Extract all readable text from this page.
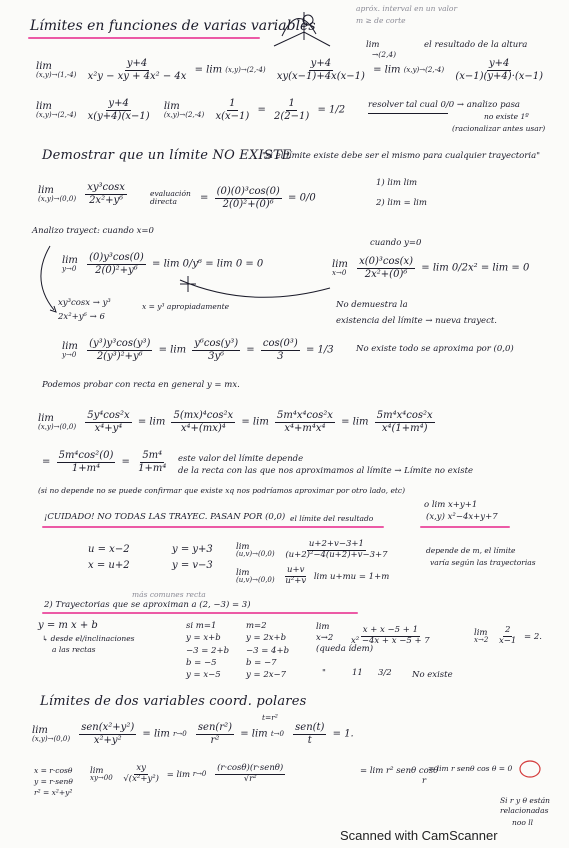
Límites en funciones de varias variables
apróx. interval en un valor
m ≥ de corte
lim
→(2,4)
el resultado de la altura
lim
(x,y)→(1,-4)
$\frac{y+4}{\text{x²y − xy + 4x² − 4x}} = \lim (x,y)\to(2,-4)$
$\frac{y+4}{xy(x-1)+4x(x-1)} = \lim (x,y)\to(2,-4)$
$\frac{y+4}{(x-1)(y+4)\cdot(x-1)}$
lim
(x,y)→(2,-4)
$\frac{y+4}{x(y+4)(x-1)}$
lim
(x,y)→(2,-4)
$\frac{1}{x(x-1)} = \frac{1}{2(2-1)} = 1/2$	resolver tal cual 0/0 → analizo pasa
no existe 1º
(racionalizar antes usar)
Demostrar que un límite NO EXISTE
"si el límite existe debe ser el mismo para cualquier trayectoria"
lim
(x,y)→(0,0)
$\frac{\text{xy³cosx}}{\text{2x²+y⁶}}$	evaluación directa	= $\frac{\text{(0)(0)³cos(0)}}{\text{2(0)²+(0)⁶}} = 0/0$
1) lim lim
2) lim = lim
Analizo trayect: cuando x=0
cuando y=0
lim
y→0
$\frac{\text{(0)y³cos(0)}}{\text{2(0)²+y⁶}} = \lim 0/y^6 = \lim 0 = 0$	lim
x→0
$\frac{\text{x(0)³cos(x)}}{\text{2x²+(0)⁶}} = \lim 0/2x^2 = \lim = 0$
xy³cosx → y³
2x²+y⁶ → 6
x = y³ apropiadamente	No demuestra la
existencia del límite → nueva trayect.
lim
y→0
$\frac{\text{(y³)y³cos(y³)}}{\text{2(y³)²+y⁶}} = \lim \frac{\text{y⁶cos(y³)}}{\text{3y⁶}} = \frac{\text{cos(0³)}}{3} = 1/3$	No existe todo se aproxima por (0,0)
Podemos probar con recta en general y = mx.
lim
(x,y)→(0,0)
$\frac{\text{5y⁴cos²x}}{\text{x⁴+y⁴}} = \lim \frac{\text{5(mx)⁴cos²x}}{\text{x⁴+(mx)⁴}} = \lim \frac{\text{5m⁴x⁴cos²x}}{\text{x⁴+m⁴x⁴}} = \lim \frac{\text{5m⁴x⁴cos²x}}{\text{x⁴(1+m⁴)}}$
= $\frac{\text{5m⁴cos²(0)}}{\text{1+m⁴}} = \frac{\text{5m⁴}}{\text{1+m⁴}}$ este valor del límite depende
de la recta con las que nos aproximamos al límite → Límite no existe
(si no depende no se puede confirmar que existe xq nos podríamos aproximar por otro lado, etc)
¡CUIDADO! NO TODAS LAS TRAYEC. PASAN POR (0,0) el límite del resultado
o lim x+y+1
(x,y) x²−4x+y+7
u = x−2	y = y+3
x = u+2	y = v−3
lim
(u,v)→(0,0)
$\frac{u+2+v-3+1}{\text{(u+2)²−4(u+2)+v−3+7}}$
lim
(u,v)→(0,0)
$\frac{u+v}{\text{u²+v}}$ lim u+mu = 1+m
depende de m, el límite
varía según las trayectorias
más comunes recta
2) Trayectorias que se aproximan a (2, −3) = 3)
y = m x + b
↳ desde el/inclinaciones
a las rectas
si m=1
y = x+b
−3 = 2+b
b = −5
y = x−5
m=2
y = 2x+b
−3 = 4+b
b = −7
y = 2x−7
lim
x→2
(queda ídem)
$\frac{x + x -5 + 1}{\text{x² −4x + x −5 + 7}}$	lim
x→2
$\frac{2}{x-1} = 2$.
"	11 3/2 No existe
Límites de dos variables coord. polares
lim
(x,y)→(0,0)
$\frac{\text{sen(x²+y²)}}{\text{x²+y²}} = \lim r\to 0$
$\frac{\text{sen(r²)}}{\text{r²}} = \lim t\to 0$
$\frac{\text{sen(t)}}{t} = 1$.
t=r²
x = r·cosθ
y = r·senθ
r² = x²+y²
lim
xy→00
$\frac{xy}{\text{√(x²+y²)}} = \lim r\to 0$
$\frac{\text{(r·cosθ)(r·senθ)}}{\text{√r²}}$	= lim r² senθ cosθ
r
= lim r senθ cos θ = 0
Si r y θ están
relacionadas
noo ll
Scanned with CamScanner
